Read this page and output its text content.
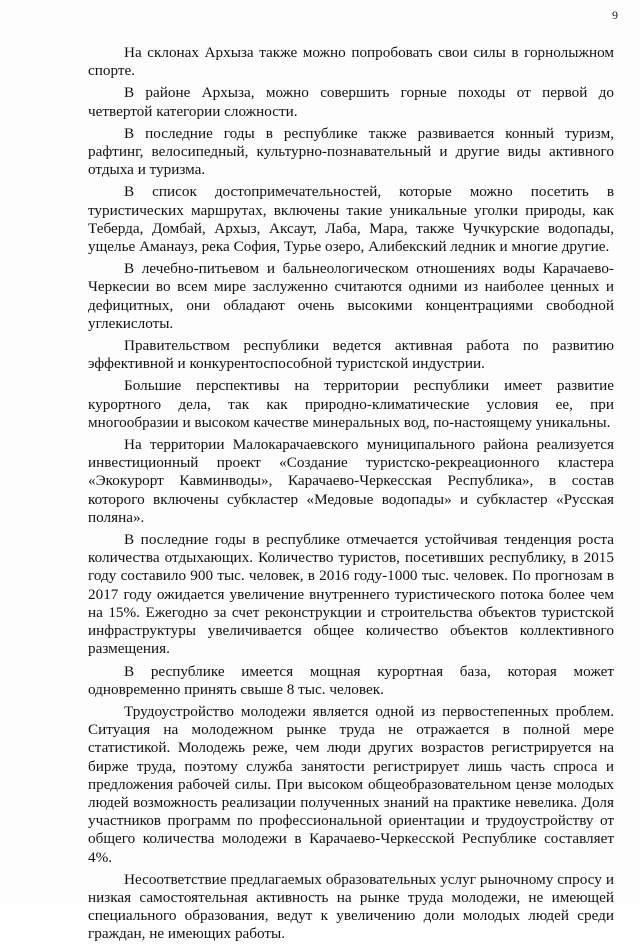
9

На склонах Архыза также можно попробовать свои силы в горнолыжном спорте.

В районе Архыза, можно совершить горные походы от первой до четвертой категории сложности.

В последние годы в республике также развивается конный туризм, рафтинг, велосипедный, культурно-познавательный и другие виды активного отдыха и туризма.

В список достопримечательностей, которые можно посетить в туристических маршрутах, включены такие уникальные уголки природы, как Теберда, Домбай, Архыз, Аксаут, Лаба, Мара, также Чучкурские водопады, ущелье Аманауз, река София, Турье озеро, Алибекский ледник и многие другие.

В лечебно-питьевом и бальнеологическом отношениях воды Карачаево-Черкесии во всем мире заслуженно считаются одними из наиболее ценных и дефицитных, они обладают очень высокими концентрациями свободной углекислоты.

Правительством республики ведется активная работа по развитию эффективной и конкурентоспособной туристской индустрии.

Большие перспективы на территории республики имеет развитие курортного дела, так как природно-климатические условия ее, при многообразии и высоком качестве минеральных вод, по-настоящему уникальны.

На территории Малокарачаевского муниципального района реализуется инвестиционный проект «Создание туристско-рекреационного кластера «Экокурорт Кавминводы», Карачаево-Черкесская Республика», в состав которого включены субкластер «Медовые водопады» и субкластер «Русская поляна».

В последние годы в республике отмечается устойчивая тенденция роста количества отдыхающих. Количество туристов, посетивших республику, в 2015 году составило 900 тыс. человек, в 2016 году-1000 тыс. человек. По прогнозам в 2017 году ожидается увеличение внутреннего туристического потока более чем на 15%. Ежегодно за счет реконструкции и строительства объектов туристской инфраструктуры увеличивается общее количество объектов коллективного размещения.

В республике имеется мощная курортная база, которая может одновременно принять свыше 8 тыс. человек.

Трудоустройство молодежи является одной из первостепенных проблем. Ситуация на молодежном рынке труда не отражается в полной мере статистикой. Молодежь реже, чем люди других возрастов регистрируется на бирже труда, поэтому служба занятости регистрирует лишь часть спроса и предложения рабочей силы. При высоком общеобразовательном цензе молодых людей возможность реализации полученных знаний на практике невелика. Доля участников программ по профессиональной ориентации и трудоустройству от общего количества молодежи в Карачаево-Черкесской Республике составляет 4%.

Несоответствие предлагаемых образовательных услуг рыночному спросу и низкая самостоятельная активность на рынке труда молодежи, не имеющей специального образования, ведут к увеличению доли молодых людей среди граждан, не имеющих работы.
